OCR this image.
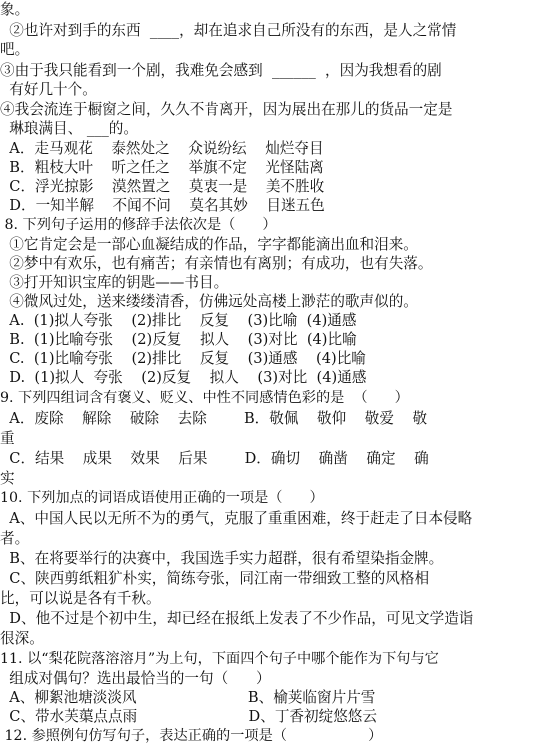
象。
②也许对到手的东西  ____，却在追求自己所没有的东西，是人之常情
吧。
③由于我只能看到一个剧，我难免会感到  ______  ，因为我想看的剧
有好几十个。
④我会流连于橱窗之间，久久不肯离开，因为展出在那儿的货品一定是
琳琅满目、 ___的。
A．走马观花    泰然处之    众说纷纭    灿烂夺目
B．粗枝大叶    听之任之    举旗不定    光怪陆离
C．浮光掠影    漠然置之    莫衷一是    美不胜收
D．一知半解    不闻不问    莫名其妙    目迷五色
8. 下列句子运用的修辞手法依次是（      ）
①它肯定会是一部心血凝结成的作品，字字都能滴出血和泪来。
②梦中有欢乐，也有痛苦；有亲情也有离别；有成功，也有失落。
③打开知识宝库的钥匙——书目。
④微风过处，送来缕缕清香，仿佛远处高楼上渺茫的歌声似的。
A.  (1)拟人夸张    (2)排比    反复    (3)比喻  (4)通感
B.  (1)比喻夸张    (2)反复    拟人    (3)对比  (4)比喻
C.  (1)比喻夸张    (2)排比    反复    (3)通感    (4)比喻
D.  (1)拟人  夸张    (2)反复    拟人    (3)对比  (4)通感
9. 下列四组词含有褒义、贬义、中性不同感情色彩的是  （      ）
A．废除    解除    破除    去除        B．敬佩    敬仰    敬爱    敬
重
C．结果    成果    效果    后果        D．确切    确凿    确定    确
实
10. 下列加点的词语成语使用正确的一项是（      ）
A、中国人民以无所不为的勇气，克服了重重困难，终于赶走了日本侵略
者。
B、在将要举行的决赛中，我国选手实力超群，很有希望染指金牌。
C、陕西剪纸粗犷朴实，简练夸张，同江南一带细致工整的风格相
比，可以说是各有千秋。
D、他不过是个初中生，却已经在报纸上发表了不少作品，可见文学造诣
很深。
11. 以“梨花院落溶溶月”为上句，下面四个句子中哪个能作为下句与它
组成对偶句？选出最恰当的一句（      ）
A、柳絮池塘淡淡风                        B、榆荚临窗片片雪
C、带水芙蕖点点雨                        D、丁香初绽悠悠云
12. 参照例句仿写句子，表达正确的一项是（                  ）
